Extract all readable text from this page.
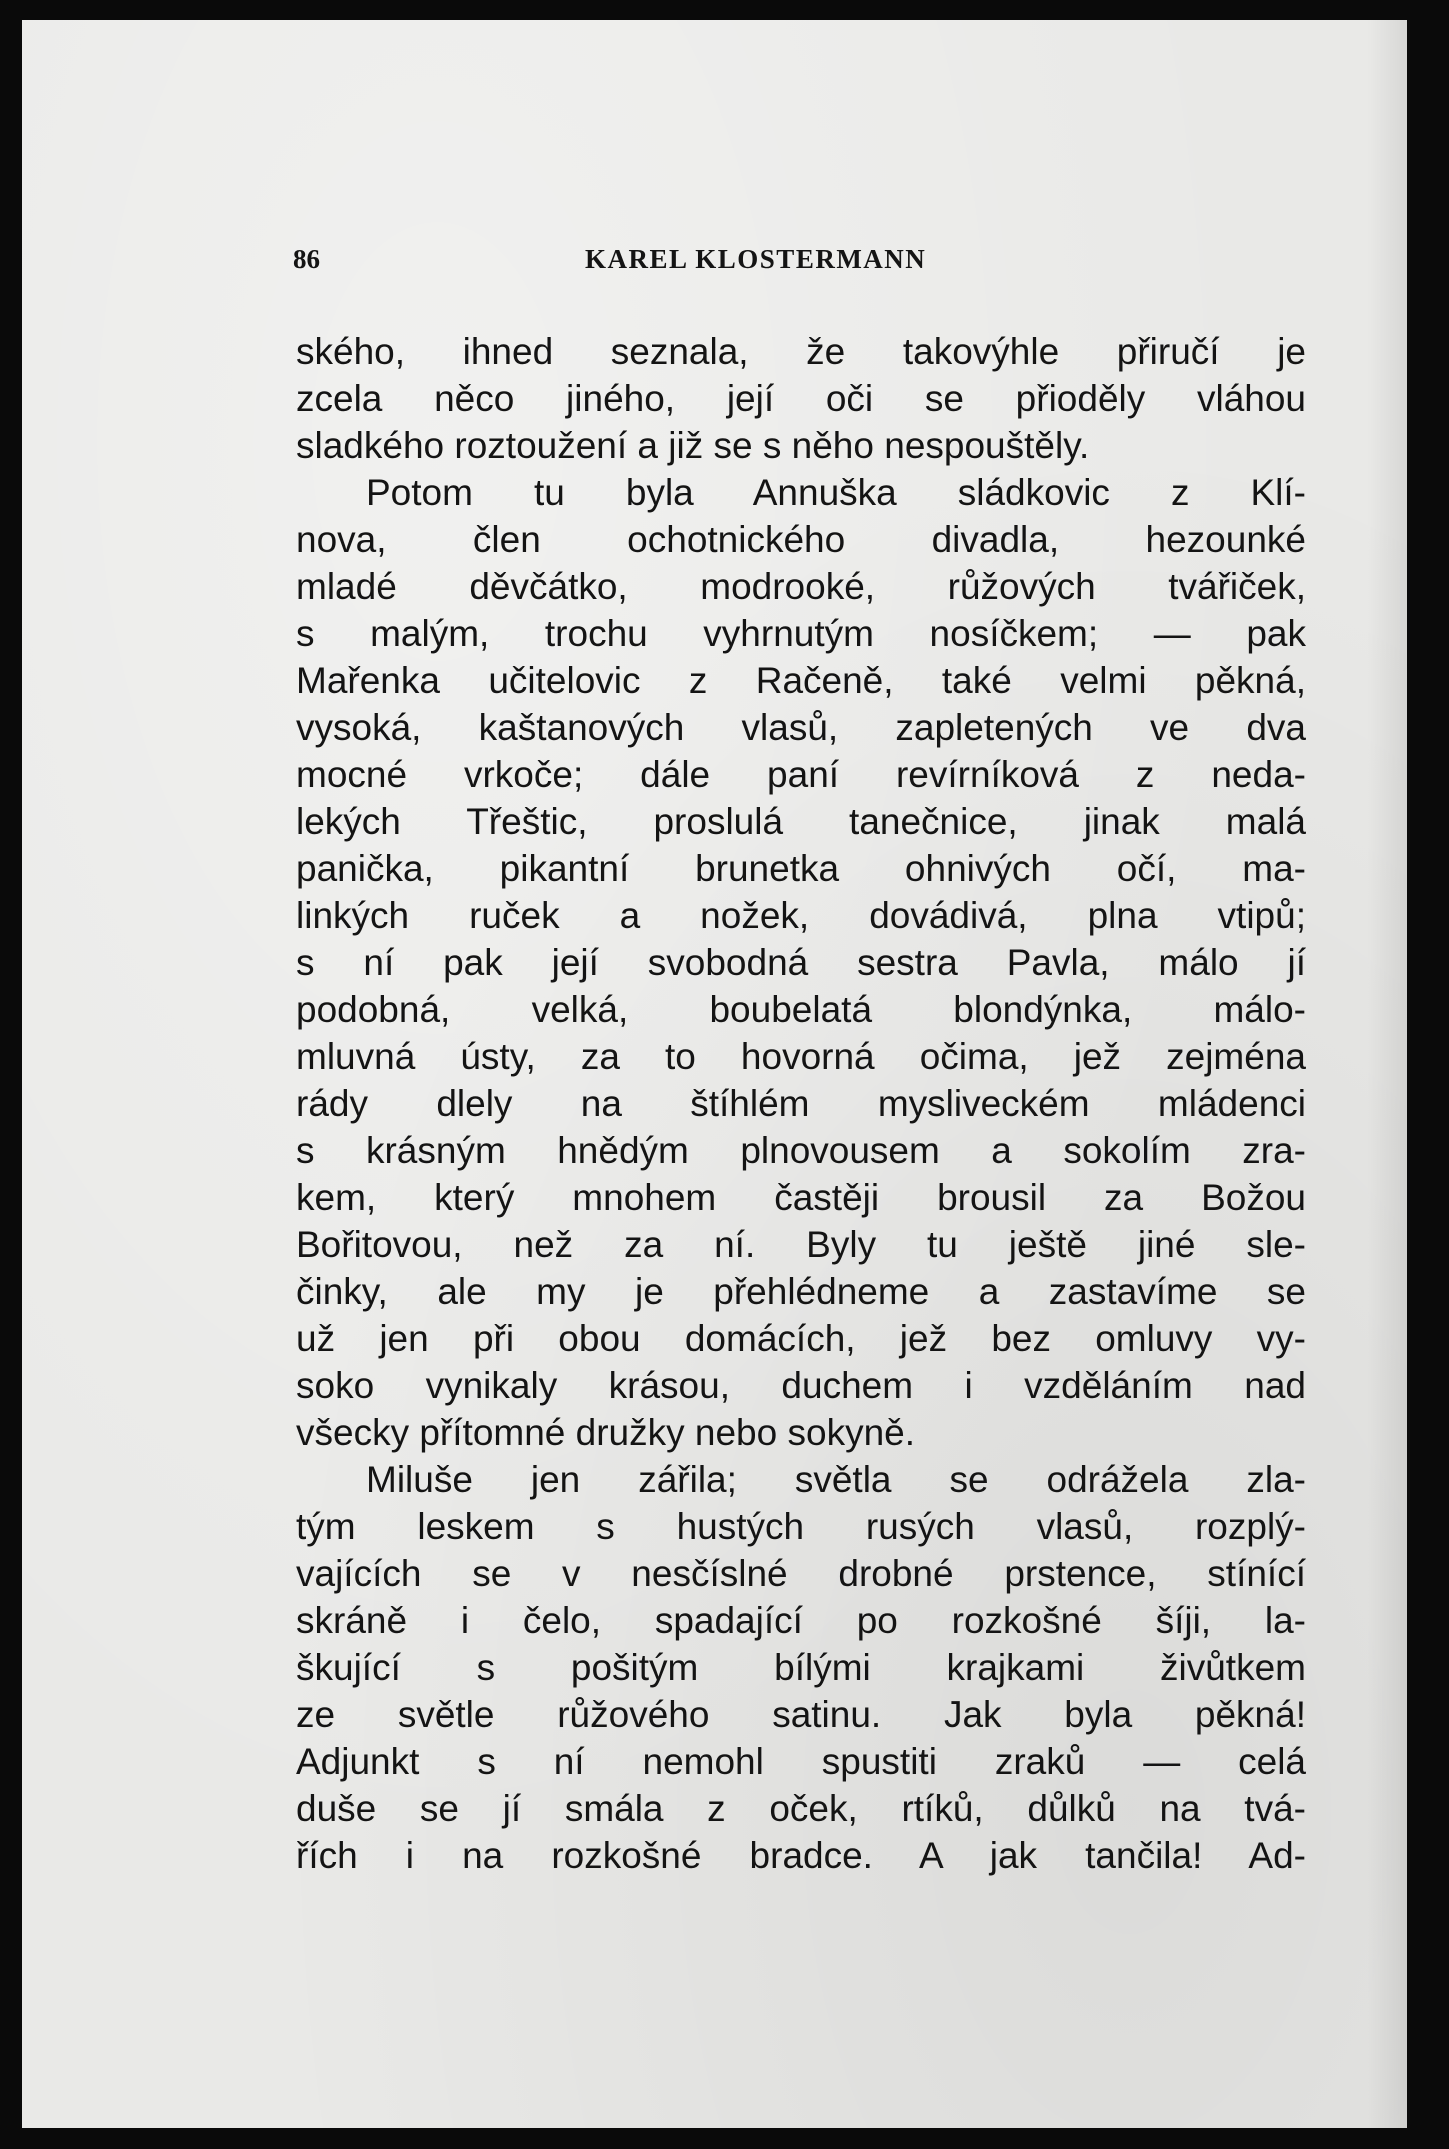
86	KAREL KLOSTERMANN
ského, ihned seznala, že takovýhle přiručí je
zcela něco jiného, její oči se přioděly vláhou
sladkého roztoužení a již se s něho nespouštěly.
Potom tu byla Annuška sládkovic z Klí-
nova, člen ochotnického divadla, hezounké
mladé děvčátko, modrooké, růžových tvářiček,
s malým, trochu vyhrnutým nosíčkem; — pak
Mařenka učitelovic z Račeně, také velmi pěkná,
vysoká, kaštanových vlasů, zapletených ve dva
mocné vrkoče; dále paní revírníková z neda-
lekých Třeštic, proslulá tanečnice, jinak malá
panička, pikantní brunetka ohnivých očí, ma-
linkých ruček a nožek, dovádivá, plna vtipů;
s ní pak její svobodná sestra Pavla, málo jí
podobná, velká, boubelatá blondýnka, málo-
mluvná ústy, za to hovorná očima, jež zejména
rády dlely na štíhlém mysliveckém mládenci
s krásným hnědým plnovousem a sokolím zra-
kem, který mnohem častěji brousil za Božou
Bořitovou, než za ní. Byly tu ještě jiné sle-
činky, ale my je přehlédneme a zastavíme se
už jen při obou domácích, jež bez omluvy vy-
soko vynikaly krásou, duchem i vzděláním nad
všecky přítomné družky nebo sokyně.
Miluše jen zářila; světla se odrážela zla-
tým leskem s hustých rusých vlasů, rozplý-
vajících se v nesčíslné drobné prstence, stínící
skráně i čelo, spadající po rozkošné šíji, la-
škující s pošitým bílými krajkami živůtkem
ze světle růžového satinu. Jak byla pěkná!
Adjunkt s ní nemohl spustiti zraků — celá
duše se jí smála z oček, rtíků, důlků na tvá-
řích i na rozkošné bradce. A jak tančila! Ad-
